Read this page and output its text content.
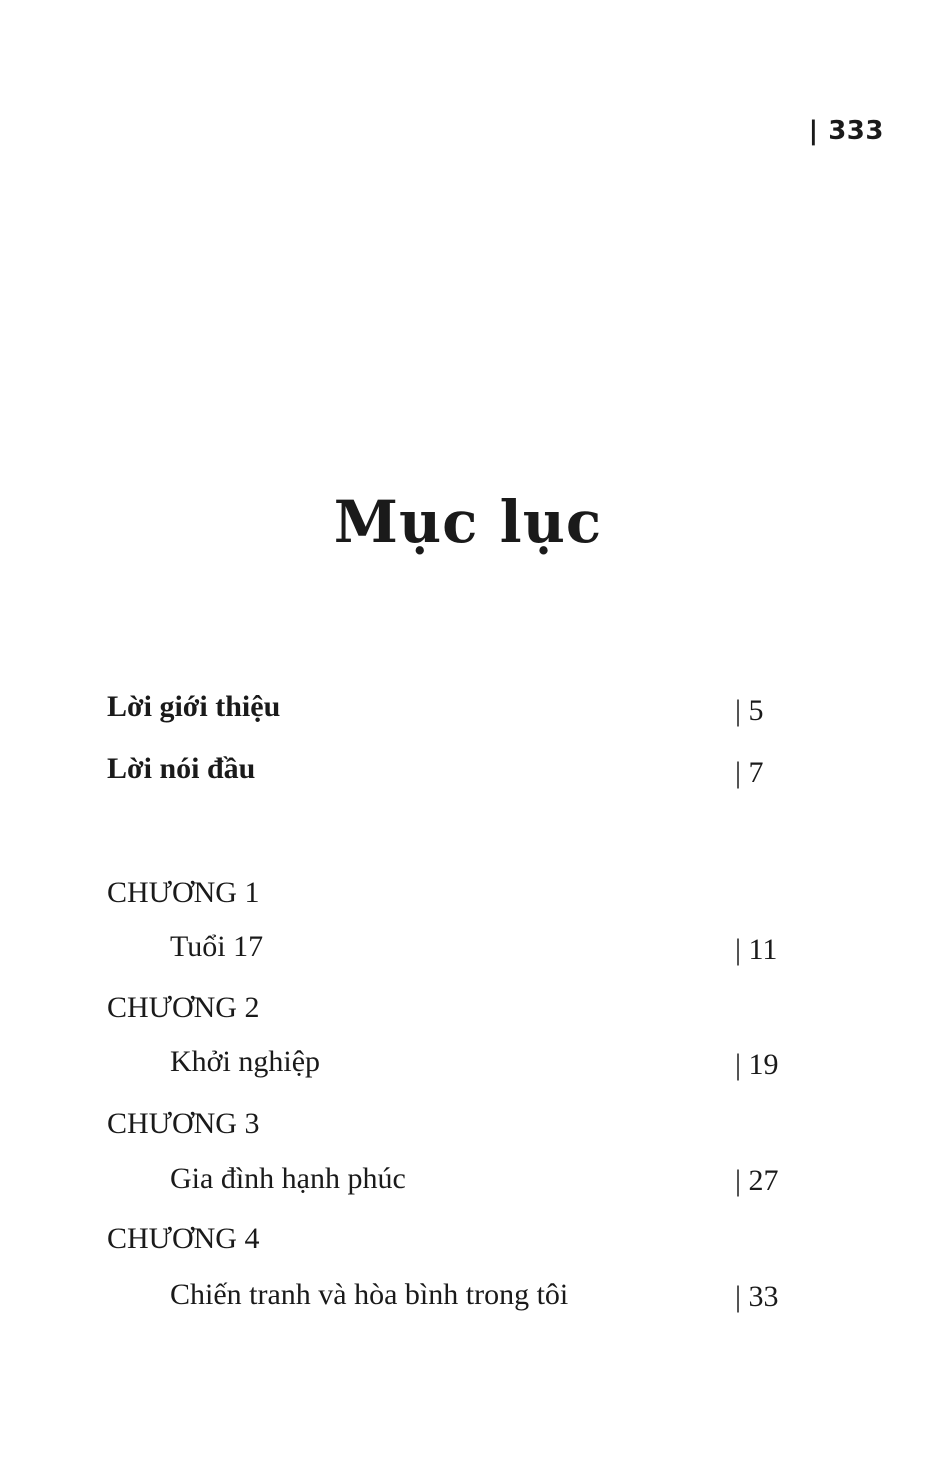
| 333
Mục lục
Lời giới thiệu	| 5
Lời nói đầu	| 7
CHƯƠNG 1
Tuổi 17	| 11
CHƯƠNG 2
Khởi nghiệp	| 19
CHƯƠNG 3
Gia đình hạnh phúc	| 27
CHƯƠNG 4
Chiến tranh và hòa bình trong tôi	| 33
